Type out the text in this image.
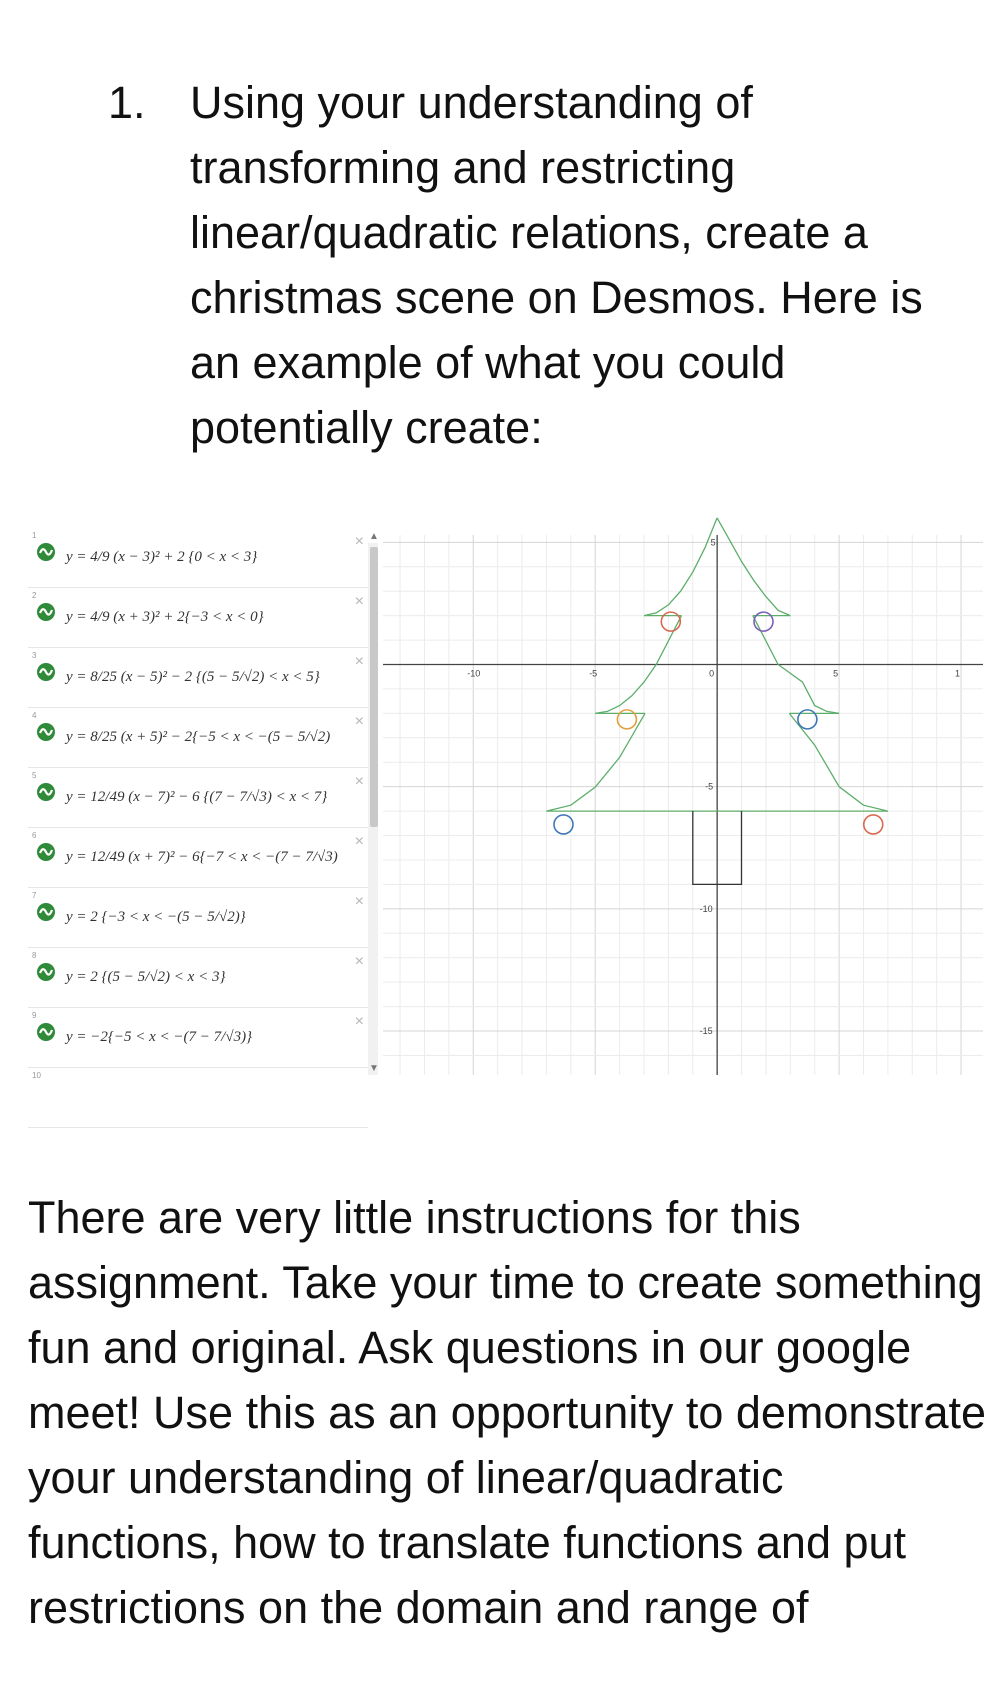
1. Using your understanding of transforming and restricting linear/quadratic relations, create a christmas scene on Desmos. Here is an example of what you could potentially create:
1
y = 4/9 (x − 3)² + 2 {0 < x < 3}
×
2
y = 4/9 (x + 3)² + 2{−3 < x < 0}
×
3
y = 8/25 (x − 5)² − 2 {(5 − 5/√2) < x < 5}
×
4
y = 8/25 (x + 5)² − 2{−5 < x < −(5 − 5/√2)
×
5
y = 12/49 (x − 7)² − 6 {(7 − 7/√3) < x < 7}
×
6
y = 12/49 (x + 7)² − 6{−7 < x < −(7 − 7/√3)
×
7
y = 2 {−3 < x < −(5 − 5/√2)}
×
8
y = 2 {(5 − 5/√2) < x < 3}
×
9
y = −2{−5 < x < −(7 − 7/√3)}
×
10
▲
▼
-10	-5	0	5	1
5
-5
-10
-15
There are very little instructions for this assignment. Take your time to create something fun and original. Ask questions in our google meet! Use this as an opportunity to demonstrate your understanding of linear/quadratic functions, how to translate functions and put restrictions on the domain and range of
